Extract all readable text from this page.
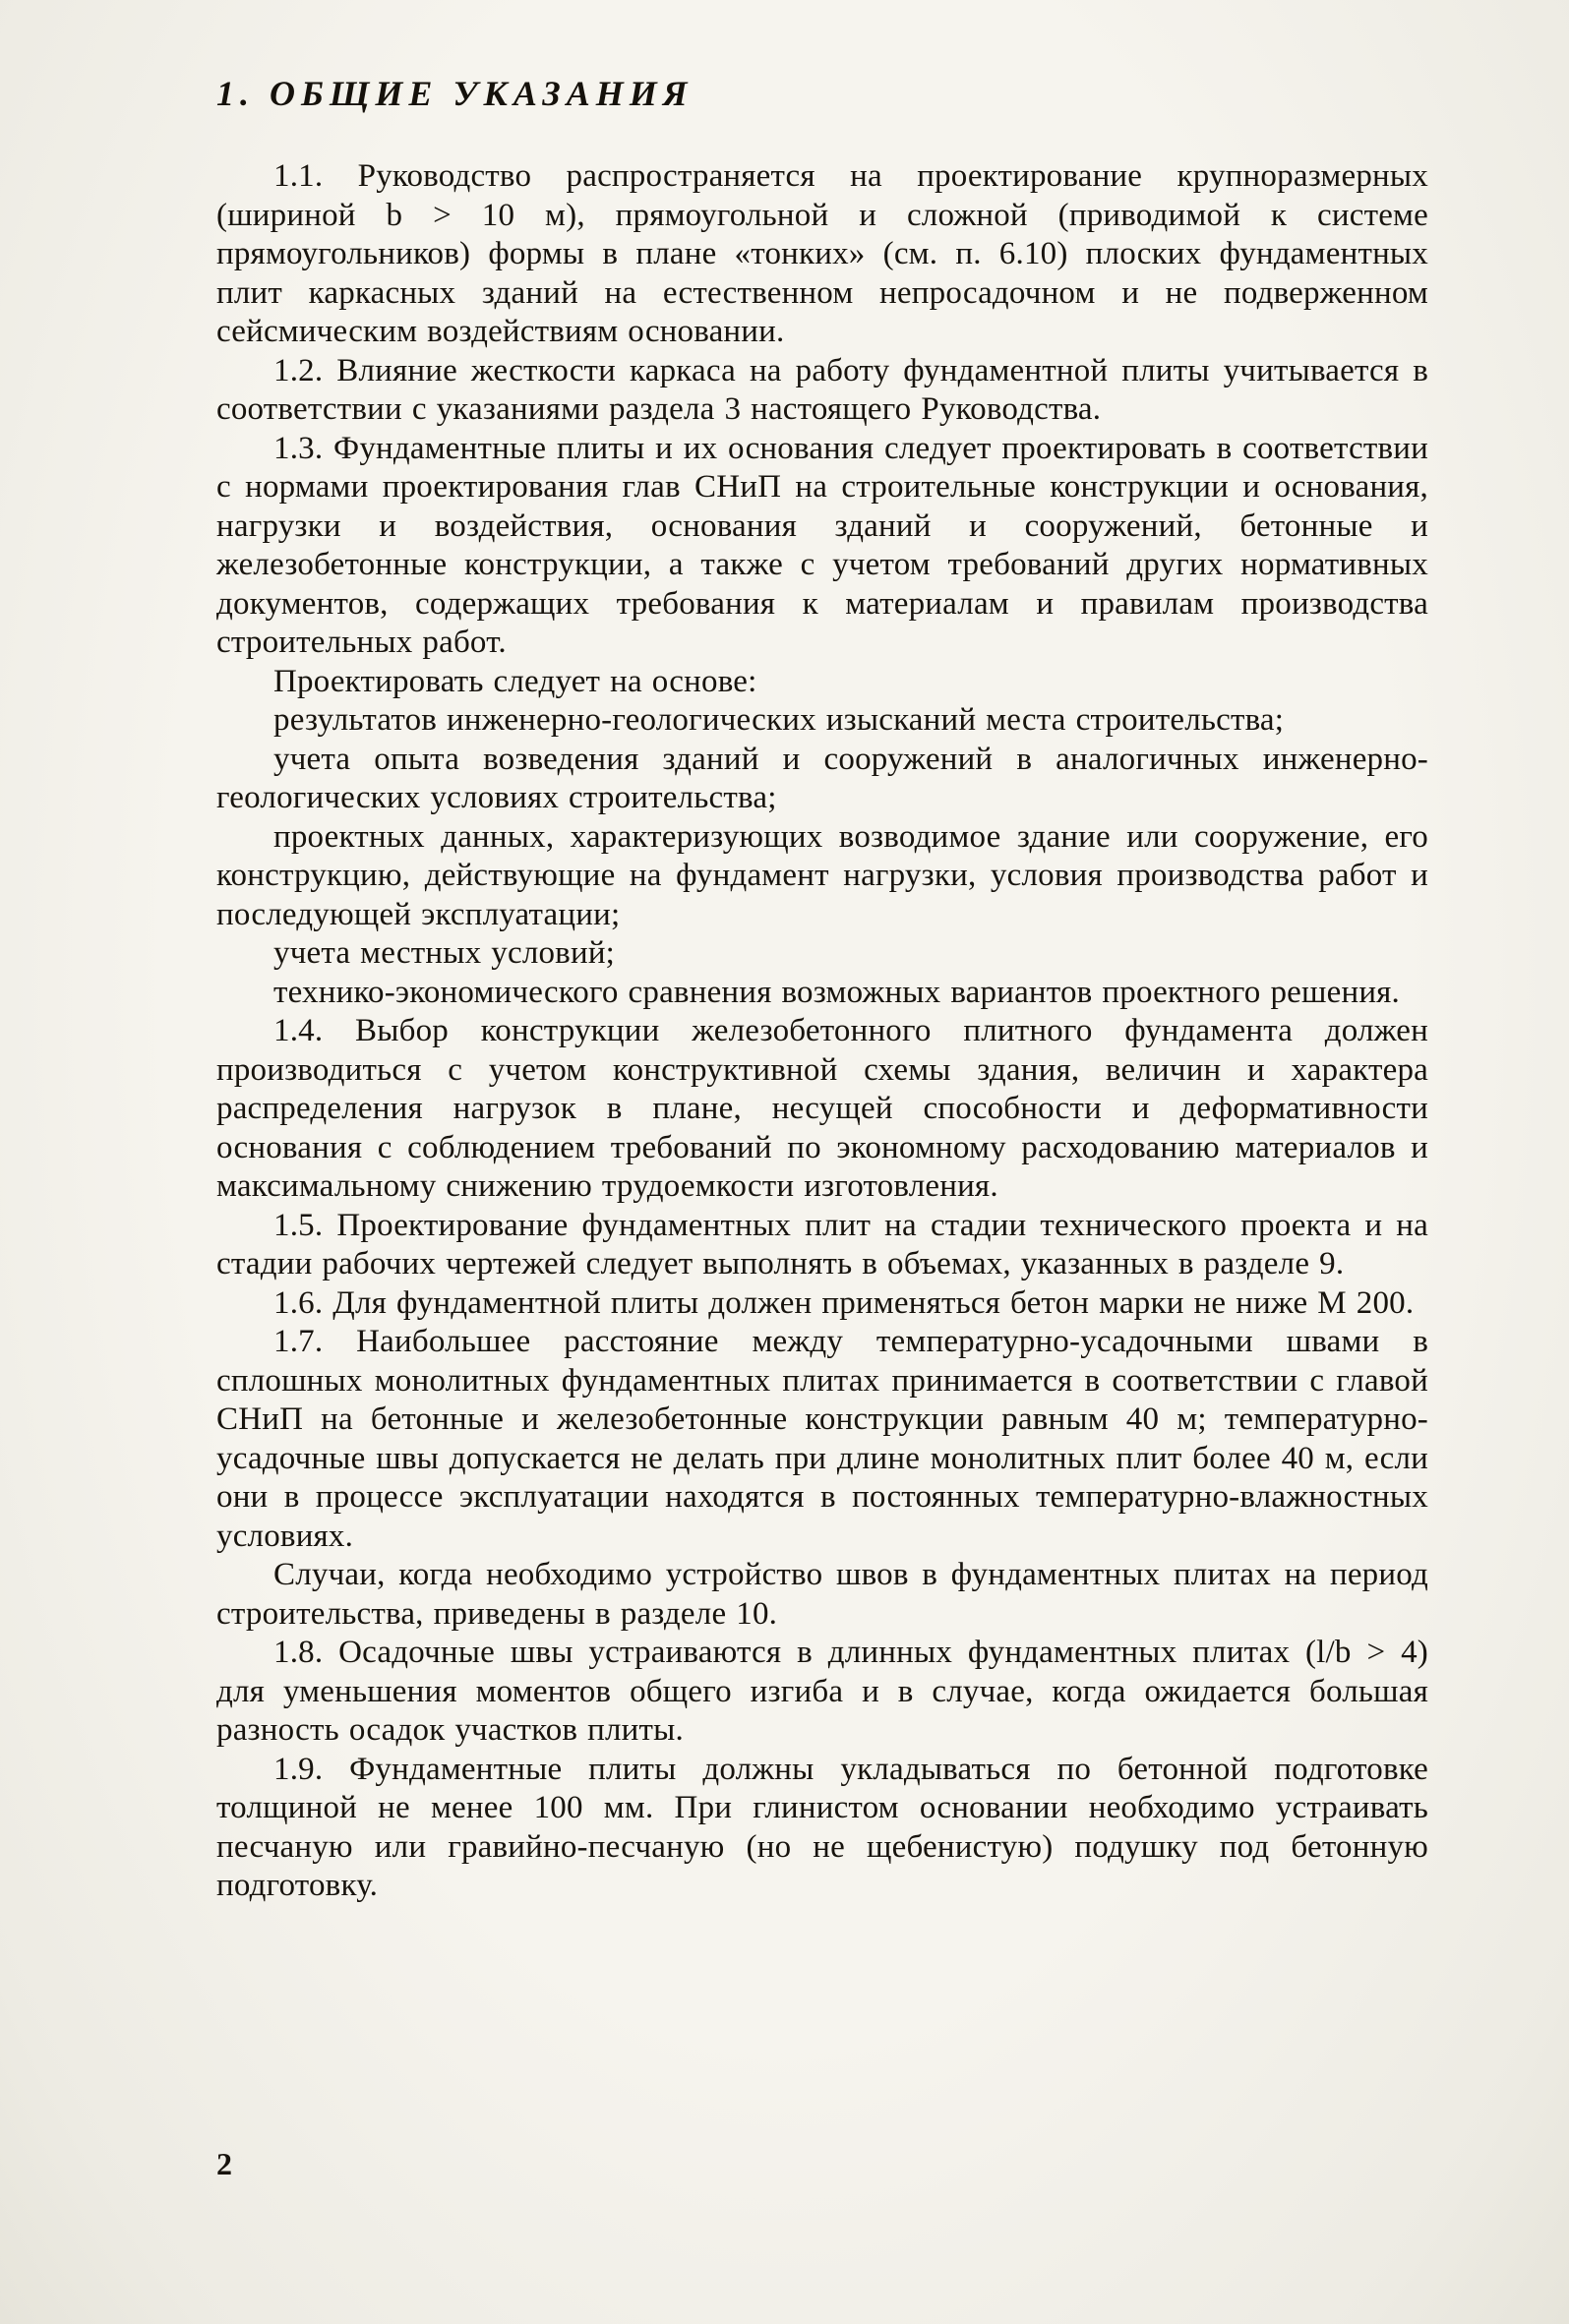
1. ОБЩИЕ УКАЗАНИЯ

1.1. Руководство распространяется на проектирование крупноразмерных (шириной b > 10 м), прямоугольной и сложной (приводимой к системе прямоугольников) формы в плане «тонких» (см. п. 6.10) плоских фундаментных плит каркасных зданий на естественном непросадочном и не подверженном сейсмическим воздействиям основании.

1.2. Влияние жесткости каркаса на работу фундаментной плиты учитывается в соответствии с указаниями раздела 3 настоящего Руководства.

1.3. Фундаментные плиты и их основания следует проектировать в соответствии с нормами проектирования глав СНиП на строительные конструкции и основания, нагрузки и воздействия, основания зданий и сооружений, бетонные и железобетонные конструкции, а также с учетом требований других нормативных документов, содержащих требования к материалам и правилам производства строительных работ.

Проектировать следует на основе:

результатов инженерно-геологических изысканий места строительства;

учета опыта возведения зданий и сооружений в аналогичных инженерно-геологических условиях строительства;

проектных данных, характеризующих возводимое здание или сооружение, его конструкцию, действующие на фундамент нагрузки, условия производства работ и последующей эксплуатации;

учета местных условий;

технико-экономического сравнения возможных вариантов проектного решения.

1.4. Выбор конструкции железобетонного плитного фундамента должен производиться с учетом конструктивной схемы здания, величин и характера распределения нагрузок в плане, несущей способности и деформативности основания с соблюдением требований по экономному расходованию материалов и максимальному снижению трудоемкости изготовления.

1.5. Проектирование фундаментных плит на стадии технического проекта и на стадии рабочих чертежей следует выполнять в объемах, указанных в разделе 9.

1.6. Для фундаментной плиты должен применяться бетон марки не ниже М 200.

1.7. Наибольшее расстояние между температурно-усадочными швами в сплошных монолитных фундаментных плитах принимается в соответствии с главой СНиП на бетонные и железобетонные конструкции равным 40 м; температурно-усадочные швы допускается не делать при длине монолитных плит более 40 м, если они в процессе эксплуатации находятся в постоянных температурно-влажностных условиях.

Случаи, когда необходимо устройство швов в фундаментных плитах на период строительства, приведены в разделе 10.

1.8. Осадочные швы устраиваются в длинных фундаментных плитах (l/b > 4) для уменьшения моментов общего изгиба и в случае, когда ожидается большая разность осадок участков плиты.

1.9. Фундаментные плиты должны укладываться по бетонной подготовке толщиной не менее 100 мм. При глинистом основании необходимо устраивать песчаную или гравийно-песчаную (но не щебенистую) подушку под бетонную подготовку.

2
